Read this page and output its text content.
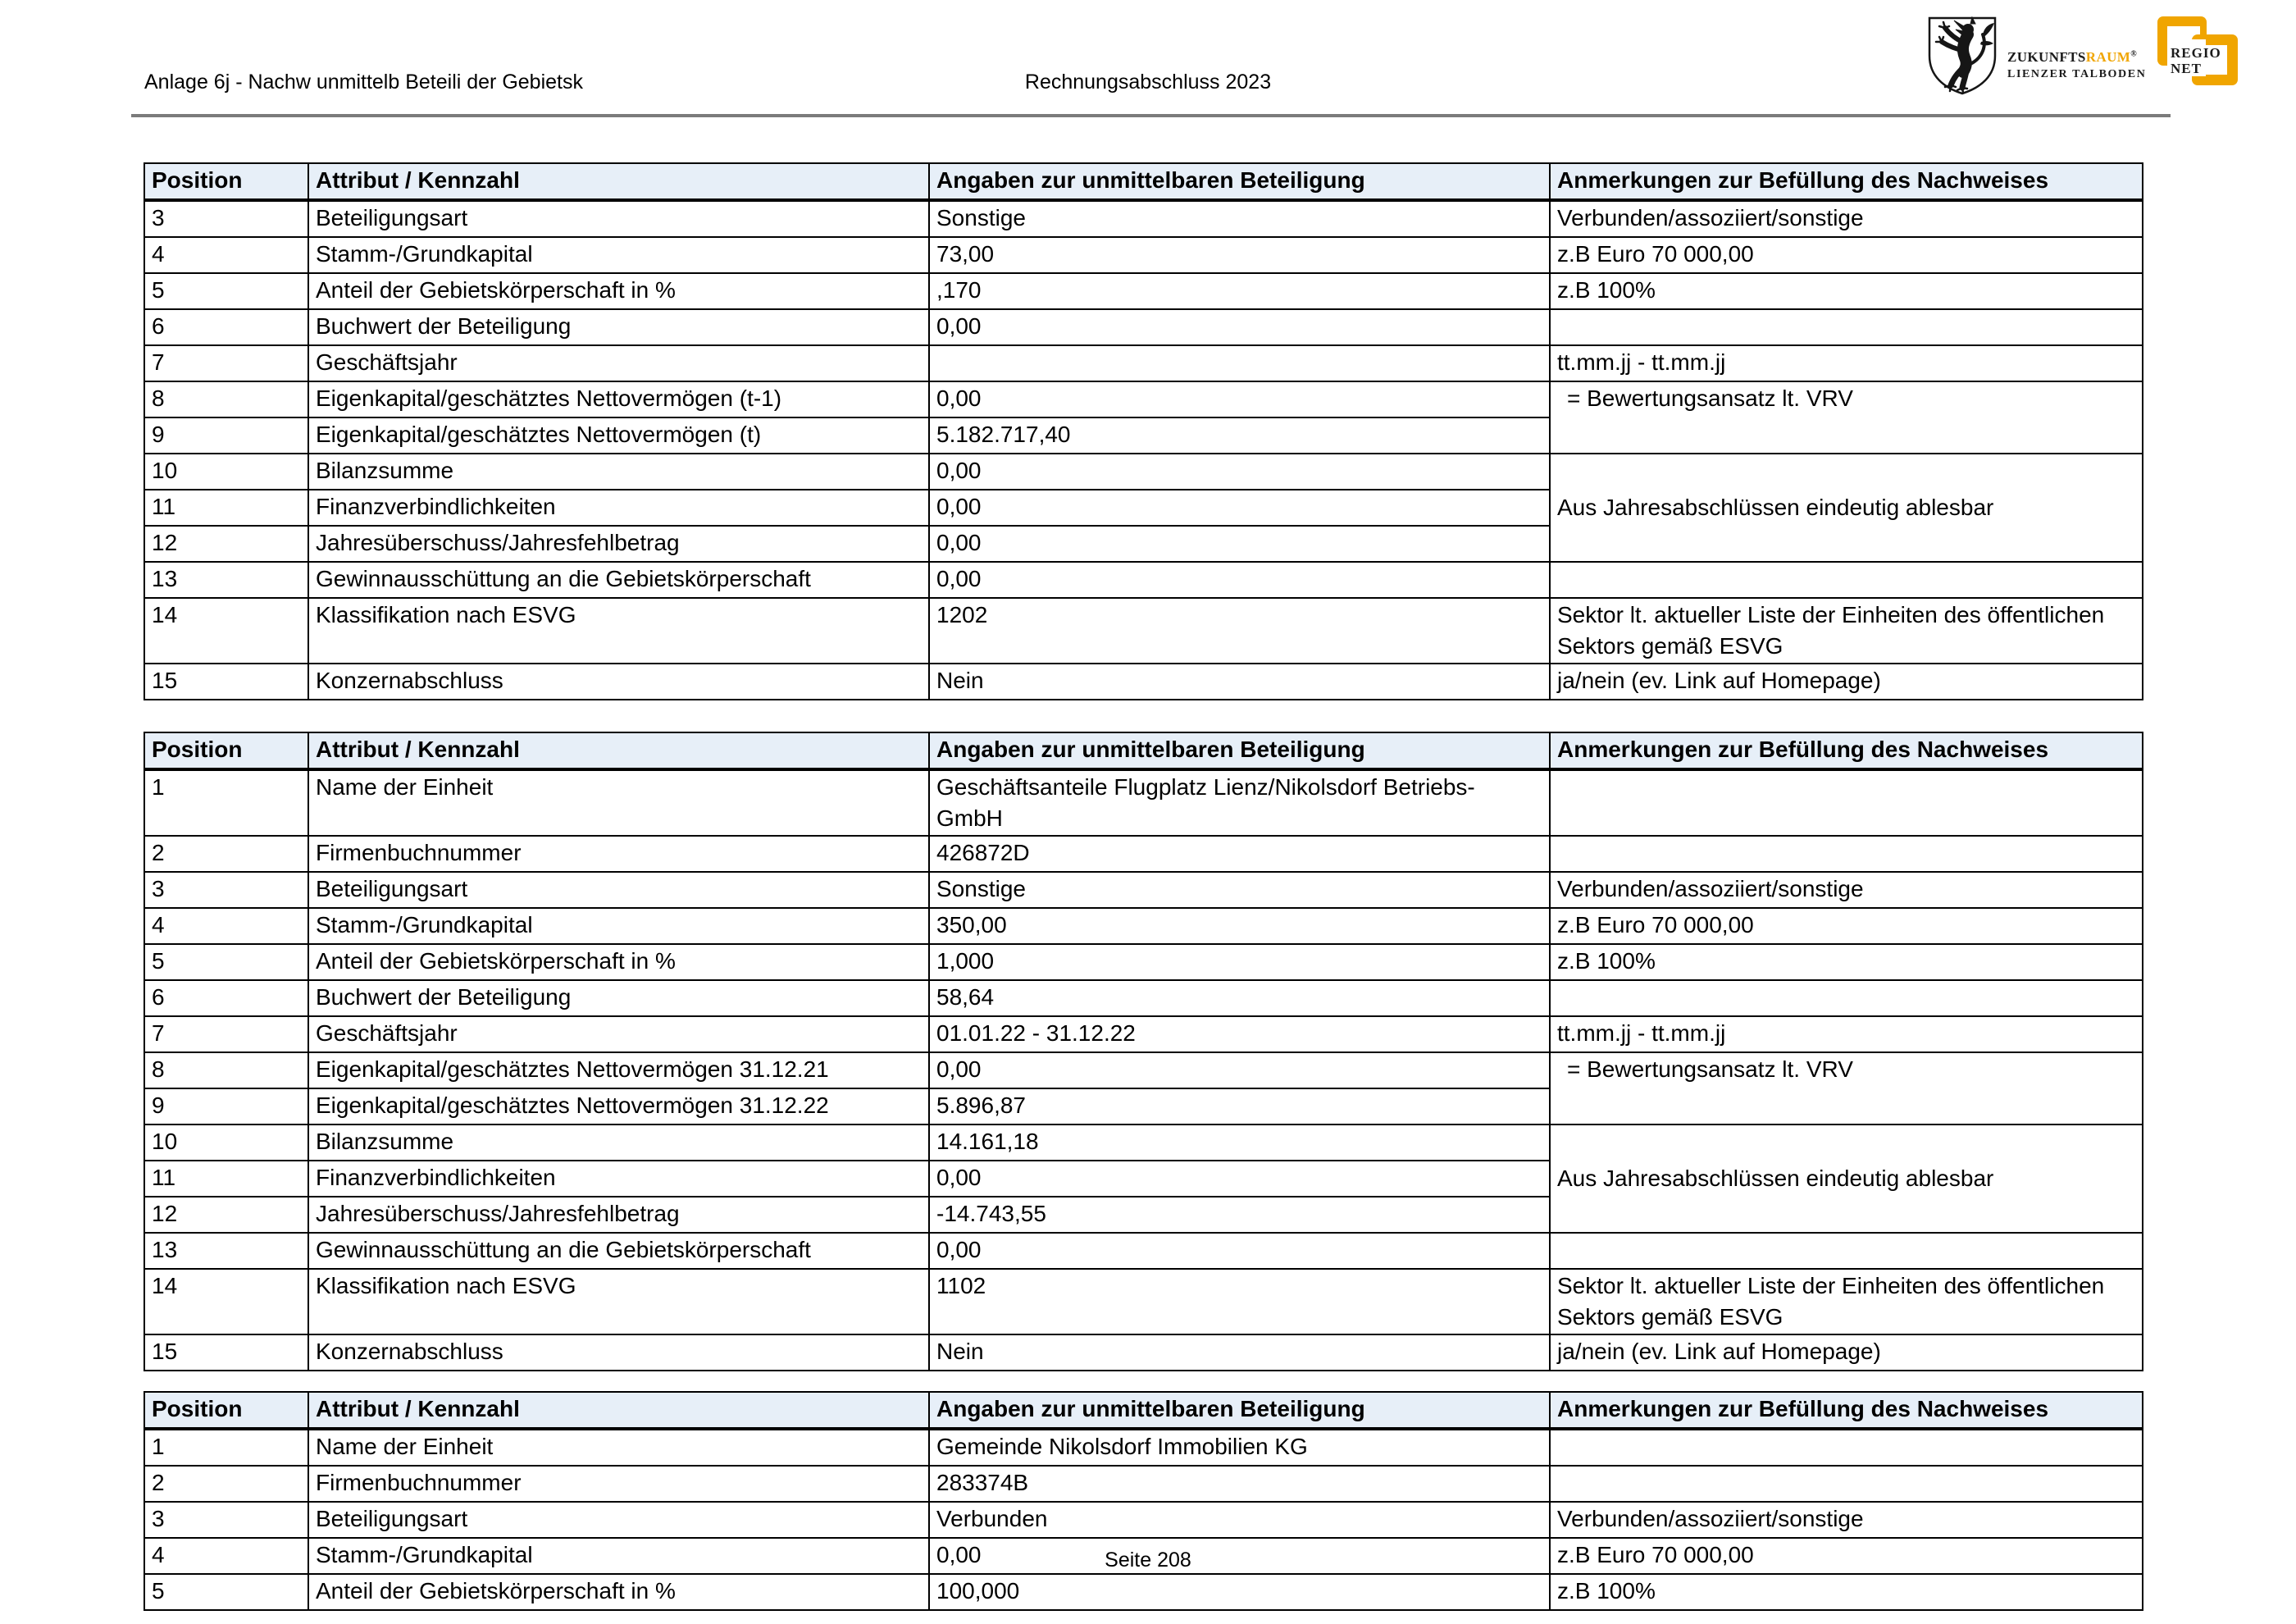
Anlage 6j - Nachw unmittelb Beteili der Gebietsk	Rechnungsabschluss 2023
ZUKUNFTSRAUM®
LIENZER TALBODEN
REGIO
NET
Position	Attribut / Kennzahl	Angaben zur unmittelbaren Beteiligung	Anmerkungen zur Befüllung des Nachweises
3	Beteiligungsart	Sonstige	Verbunden/assoziiert/sonstige
4	Stamm-/Grundkapital	73,00	z.B Euro 70 000,00
5	Anteil der Gebietskörperschaft in %	,170	z.B 100%
6	Buchwert der Beteiligung	0,00	
7	Geschäftsjahr		tt.mm.jj - tt.mm.jj
8	Eigenkapital/geschätztes Nettovermögen (t-1)	0,00	= Bewertungsansatz lt. VRV
9	Eigenkapital/geschätztes Nettovermögen (t)	5.182.717,40	
10	Bilanzsumme	0,00	Aus Jahresabschlüssen eindeutig ablesbar
11	Finanzverbindlichkeiten	0,00	
12	Jahresüberschuss/Jahresfehlbetrag	0,00	
13	Gewinnausschüttung an die Gebietskörperschaft	0,00	
14	Klassifikation nach ESVG	1202	Sektor lt. aktueller Liste der Einheiten des öffentlichen Sektors gemäß ESVG
15	Konzernabschluss	Nein	ja/nein (ev. Link auf Homepage)
Position	Attribut / Kennzahl	Angaben zur unmittelbaren Beteiligung	Anmerkungen zur Befüllung des Nachweises
1	Name der Einheit	Geschäftsanteile Flugplatz Lienz/Nikolsdorf Betriebs-GmbH	
2	Firmenbuchnummer	426872D	
3	Beteiligungsart	Sonstige	Verbunden/assoziiert/sonstige
4	Stamm-/Grundkapital	350,00	z.B Euro 70 000,00
5	Anteil der Gebietskörperschaft in %	1,000	z.B 100%
6	Buchwert der Beteiligung	58,64	
7	Geschäftsjahr	01.01.22 - 31.12.22	tt.mm.jj - tt.mm.jj
8	Eigenkapital/geschätztes Nettovermögen 31.12.21	0,00	= Bewertungsansatz lt. VRV
9	Eigenkapital/geschätztes Nettovermögen 31.12.22	5.896,87	
10	Bilanzsumme	14.161,18	Aus Jahresabschlüssen eindeutig ablesbar
11	Finanzverbindlichkeiten	0,00	
12	Jahresüberschuss/Jahresfehlbetrag	-14.743,55	
13	Gewinnausschüttung an die Gebietskörperschaft	0,00	
14	Klassifikation nach ESVG	1102	Sektor lt. aktueller Liste der Einheiten des öffentlichen Sektors gemäß ESVG
15	Konzernabschluss	Nein	ja/nein (ev. Link auf Homepage)
Position	Attribut / Kennzahl	Angaben zur unmittelbaren Beteiligung	Anmerkungen zur Befüllung des Nachweises
1	Name der Einheit	Gemeinde Nikolsdorf Immobilien KG	
2	Firmenbuchnummer	283374B	
3	Beteiligungsart	Verbunden	Verbunden/assoziiert/sonstige
4	Stamm-/Grundkapital	0,00	z.B Euro 70 000,00
5	Anteil der Gebietskörperschaft in %	100,000	z.B 100%
Seite 208
